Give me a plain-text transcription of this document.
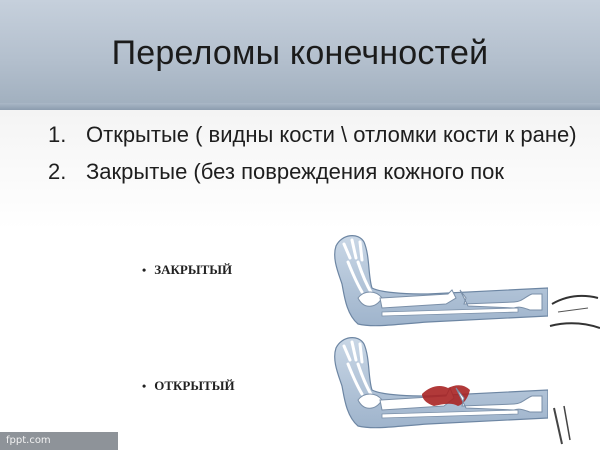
Переломы конечностей
1. Открытые ( видны кости \ отломки кости к ране)
2. Закрытые (без повреждения кожного пок
• ЗАКРЫТЫЙ
• ОТКРЫТЫЙ
fppt.com
